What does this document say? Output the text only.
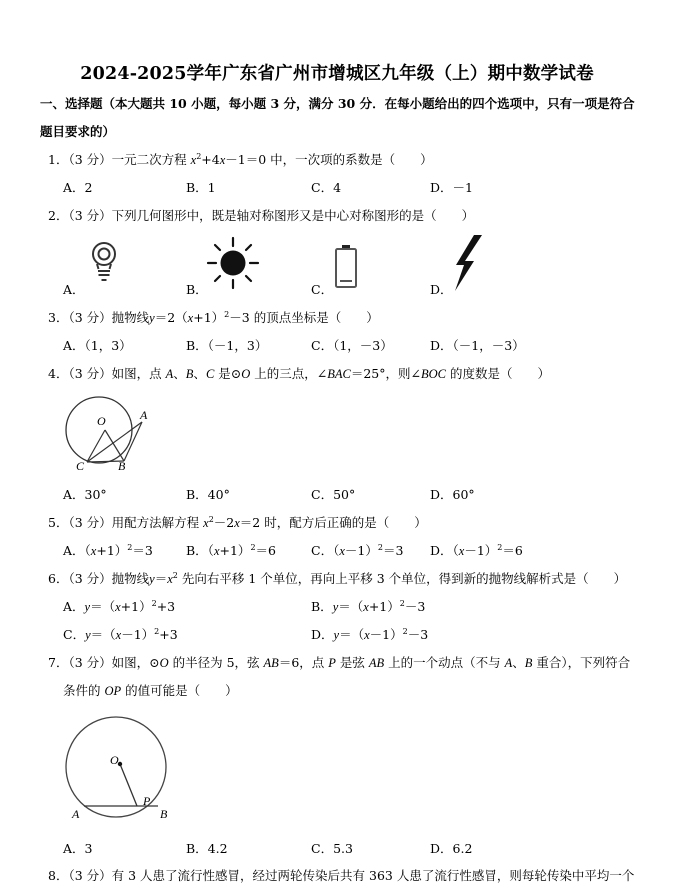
2024-2025学年广东省广州市增城区九年级（上）期中数学试卷
一、选择题（本大题共 10 小题，每小题 3 分，满分 30 分．在每小题给出的四个选项中，只有一项是符合
题目要求的）
1．（3 分）一元二次方程 $x^2+4x-1=0$ 中，一次项的系数是（　　）
A．2	B．1	C．4	D．－1
2．（3 分）下列几何图形中，既是轴对称图形又是中心对称图形的是（　　）
A．	B．	C．	D．
3．（3 分）抛物线$y=2(x+1)^2-3$ 的顶点坐标是（　　）
A．（1，3）	B．（－1，3）	C．（1，－3）	D．（－1，－3）
4．（3 分）如图，点 A、B、C 是⊙O 上的三点，∠BAC＝25°，则∠BOC 的度数是（　　）
O	A
C	B
A．30°	B．40°	C．50°	D．60°
5．（3 分）用配方法解方程 $x^2-2x=2$ 时，配方后正确的是（　　）
A．$(x+1)^2=3$	B．$(x+1)^2=6$	C．$(x-1)^2=3$ D．$(x-1)^2=6$
6．（3 分）抛物线$y=x^2$ 先向右平移 1 个单位，再向上平移 3 个单位，得到新的抛物线解析式是（　　）
A．$y=(x+1)^2+3$	B．$y=(x+1)^2-3$
C．$y=(x-1)^2+3$	D．$y=(x-1)^2-3$
7．（3 分）如图，⊙O 的半径为 5，弦 AB＝6，点 P 是弦 AB 上的一个动点（不与 A、B 重合），下列符合
条件的 OP 的值可能是（　　）
O
P
A	B
A．3	B．4.2	C．5.3	D．6.2
8．（3 分）有 3 人患了流行性感冒，经过两轮传染后共有 363 人患了流行性感冒，则每轮传染中平均一个
